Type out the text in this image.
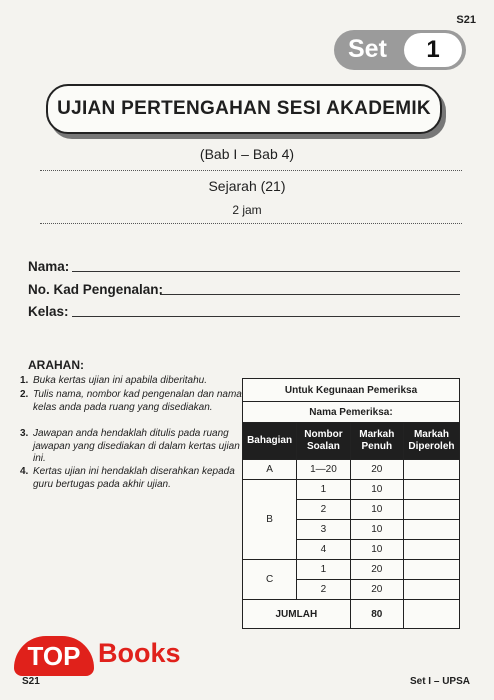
S21
Set	1
UJIAN PERTENGAHAN SESI AKADEMIK
(Bab I – Bab 4)
Sejarah (21)
2 jam
Nama:
No. Kad Pengenalan:
Kelas:
ARAHAN:
1. Buka kertas ujian ini apabila diberitahu.
2. Tulis nama, nombor kad pengenalan dan nama kelas anda pada ruang yang disediakan.
3. Jawapan anda hendaklah ditulis pada ruang jawapan yang disediakan di dalam kertas ujian ini.
4. Kertas ujian ini hendaklah diserahkan kepada guru bertugas pada akhir ujian.
Untuk Kegunaan Pemeriksa			
Nama Pemeriksa:			
Bahagian	Nombor Soalan	Markah Penuh	Markah Diperoleh
A	1—20	20	
B	1	10	
	2	10	
	3	10	
	4	10	
C	1	20	
	2	20	
JUMLAH		80	
TOP Books
S21	Set I – UPSA
